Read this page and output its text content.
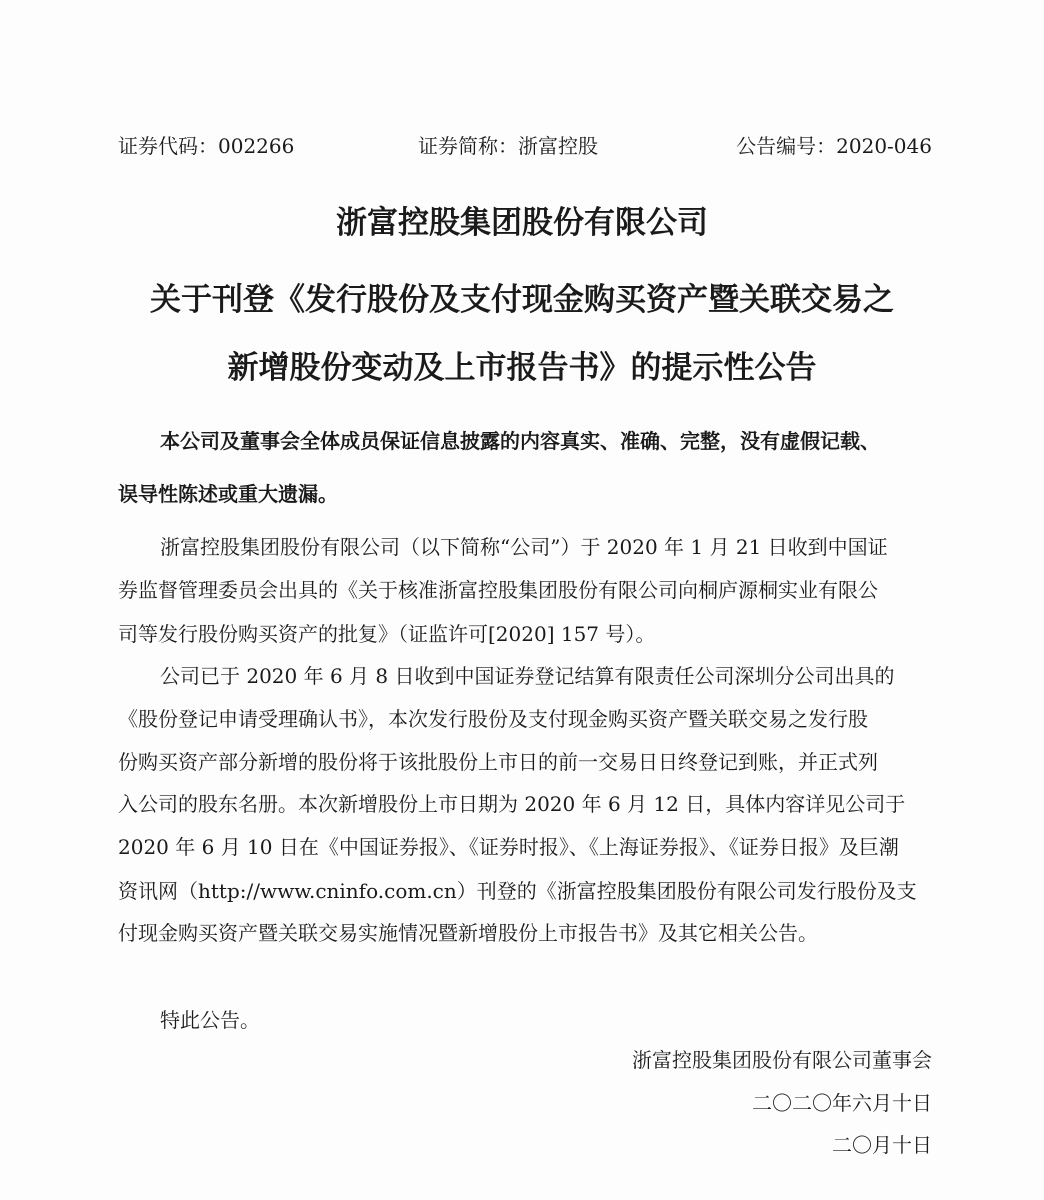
证券代码：002266	证券简称：浙富控股	公告编号：2020-046
浙富控股集团股份有限公司
关于刊登《发行股份及支付现金购买资产暨关联交易之
新增股份变动及上市报告书》的提示性公告
本公司及董事会全体成员保证信息披露的内容真实、准确、完整，没有虚假记载、
误导性陈述或重大遗漏。
浙富控股集团股份有限公司（以下简称“公司”）于 2020 年 1 月 21 日收到中国证
券监督管理委员会出具的《关于核准浙富控股集团股份有限公司向桐庐源桐实业有限公
司等发行股份购买资产的批复》（证监许可[2020] 157 号）。
公司已于 2020 年 6 月 8 日收到中国证券登记结算有限责任公司深圳分公司出具的
《股份登记申请受理确认书》，本次发行股份及支付现金购买资产暨关联交易之发行股
份购买资产部分新增的股份将于该批股份上市日的前一交易日日终登记到账，并正式列
入公司的股东名册。本次新增股份上市日期为 2020 年 6 月 12 日，具体内容详见公司于
2020 年 6 月 10 日在《中国证券报》、《证券时报》、《上海证券报》、《证券日报》及巨潮
资讯网（http://www.cninfo.com.cn）刊登的《浙富控股集团股份有限公司发行股份及支
付现金购买资产暨关联交易实施情况暨新增股份上市报告书》及其它相关公告。
特此公告。
浙富控股集团股份有限公司董事会
二〇二〇年六月十日
二〇月十日
